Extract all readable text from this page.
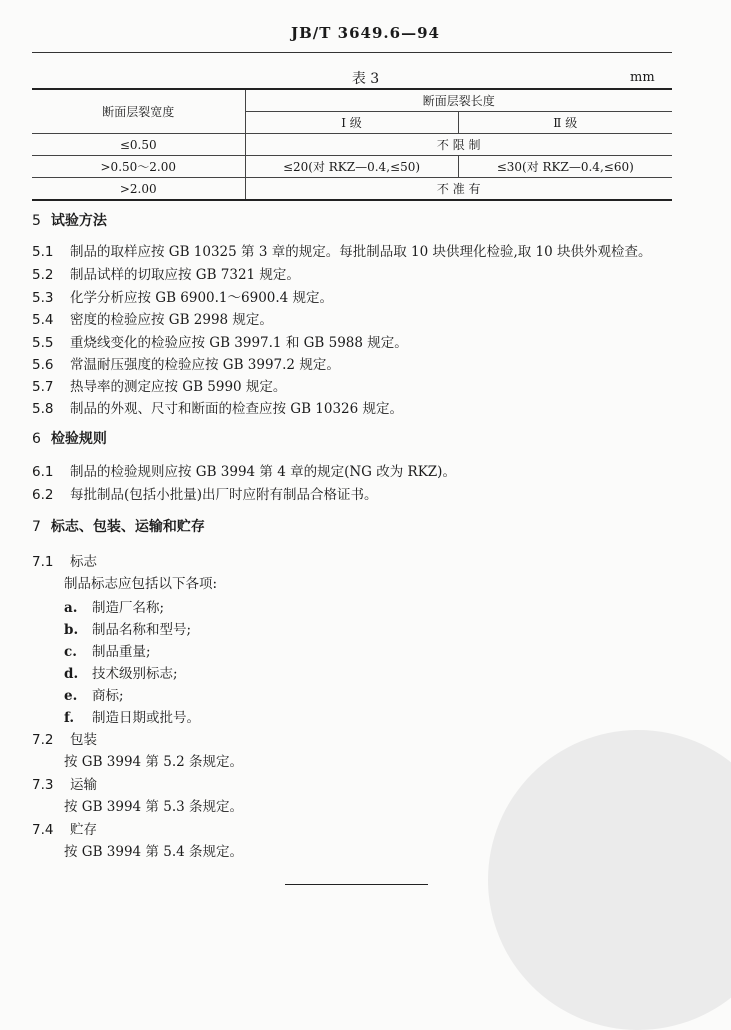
JB/T 3649.6—94
表 3	mm
断面层裂宽度	断面层裂长度	
	Ⅰ 级	Ⅱ 级
≤0.50	不 限 制	
>0.50～2.00	≤20(对 RKZ—0.4,≤50)	≤30(对 RKZ—0.4,≤60)
>2.00	不 准 有	
5 试验方法
5.1 制品的取样应按 GB 10325 第 3 章的规定。每批制品取 10 块供理化检验,取 10 块供外观检查。
5.2 制品试样的切取应按 GB 7321 规定。
5.3 化学分析应按 GB 6900.1～6900.4 规定。
5.4 密度的检验应按 GB 2998 规定。
5.5 重烧线变化的检验应按 GB 3997.1 和 GB 5988 规定。
5.6 常温耐压强度的检验应按 GB 3997.2 规定。
5.7 热导率的测定应按 GB 5990 规定。
5.8 制品的外观、尺寸和断面的检查应按 GB 10326 规定。
6 检验规则
6.1 制品的检验规则应按 GB 3994 第 4 章的规定(NG 改为 RKZ)。
6.2 每批制品(包括小批量)出厂时应附有制品合格证书。
7 标志、包装、运输和贮存
7.1 标志
制品标志应包括以下各项:
a. 制造厂名称;
b. 制品名称和型号;
c. 制品重量;
d. 技术级别标志;
e. 商标;
f. 制造日期或批号。
7.2 包装
按 GB 3994 第 5.2 条规定。
7.3 运输
按 GB 3994 第 5.3 条规定。
7.4 贮存
按 GB 3994 第 5.4 条规定。
